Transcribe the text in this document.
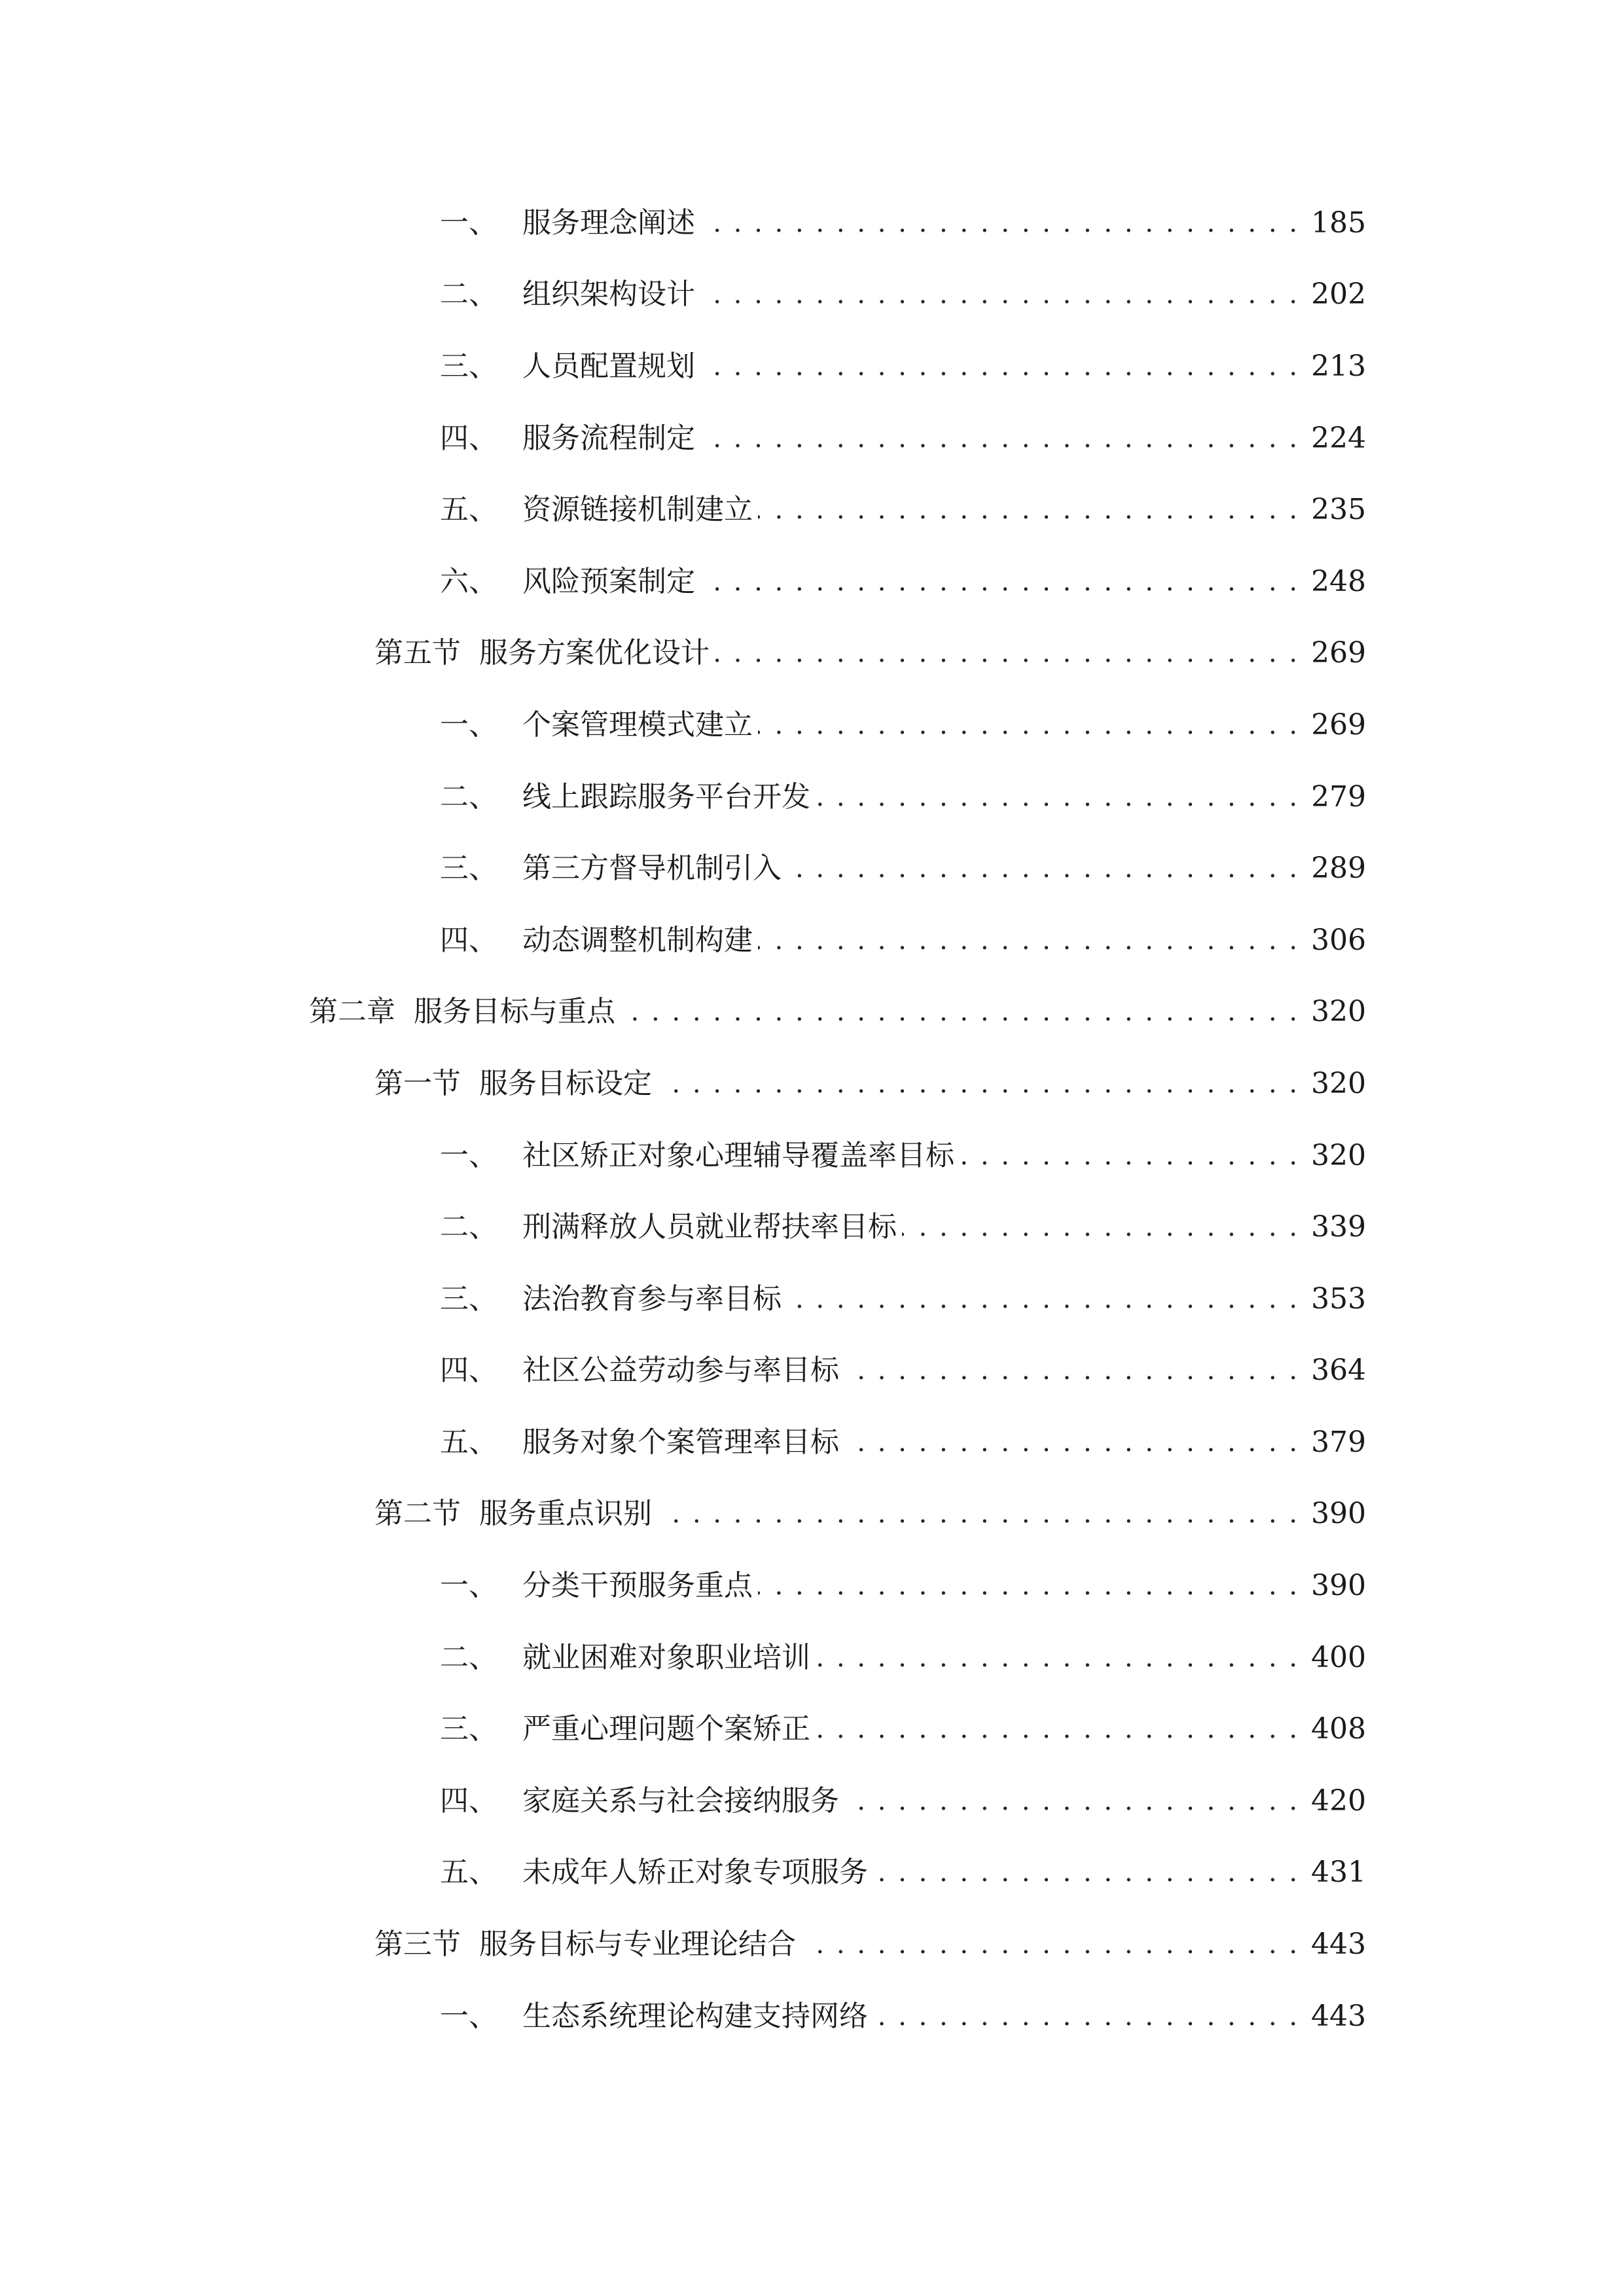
一、 服务理念阐述 . . .	185
二、 组织架构设计 . . .	202
三、 人员配置规划 . . .	213
四、 服务流程制定 . . .	224
五、 资源链接机制建立 . . .	235
六、 风险预案制定 . . .	248
第五节 服务方案优化设计 . . .	269
一、 个案管理模式建立 . . .	269
二、 线上跟踪服务平台开发 . . .	279
三、 第三方督导机制引入 . . .	289
四、 动态调整机制构建 . . .	306
第二章 服务目标与重点 . . .	320
第一节 服务目标设定 . . .	320
一、 社区矫正对象心理辅导覆盖率目标 . . .	320
二、 刑满释放人员就业帮扶率目标 . . .	339
三、 法治教育参与率目标 . . .	353
四、 社区公益劳动参与率目标 . . .	364
五、 服务对象个案管理率目标 . . .	379
第二节 服务重点识别 . . .	390
一、 分类干预服务重点 . . .	390
二、 就业困难对象职业培训 . . .	400
三、 严重心理问题个案矫正 . . .	408
四、 家庭关系与社会接纳服务 . . .	420
五、 未成年人矫正对象专项服务 . . .	431
第三节 服务目标与专业理论结合 . . .	443
一、 生态系统理论构建支持网络 . . .	443
